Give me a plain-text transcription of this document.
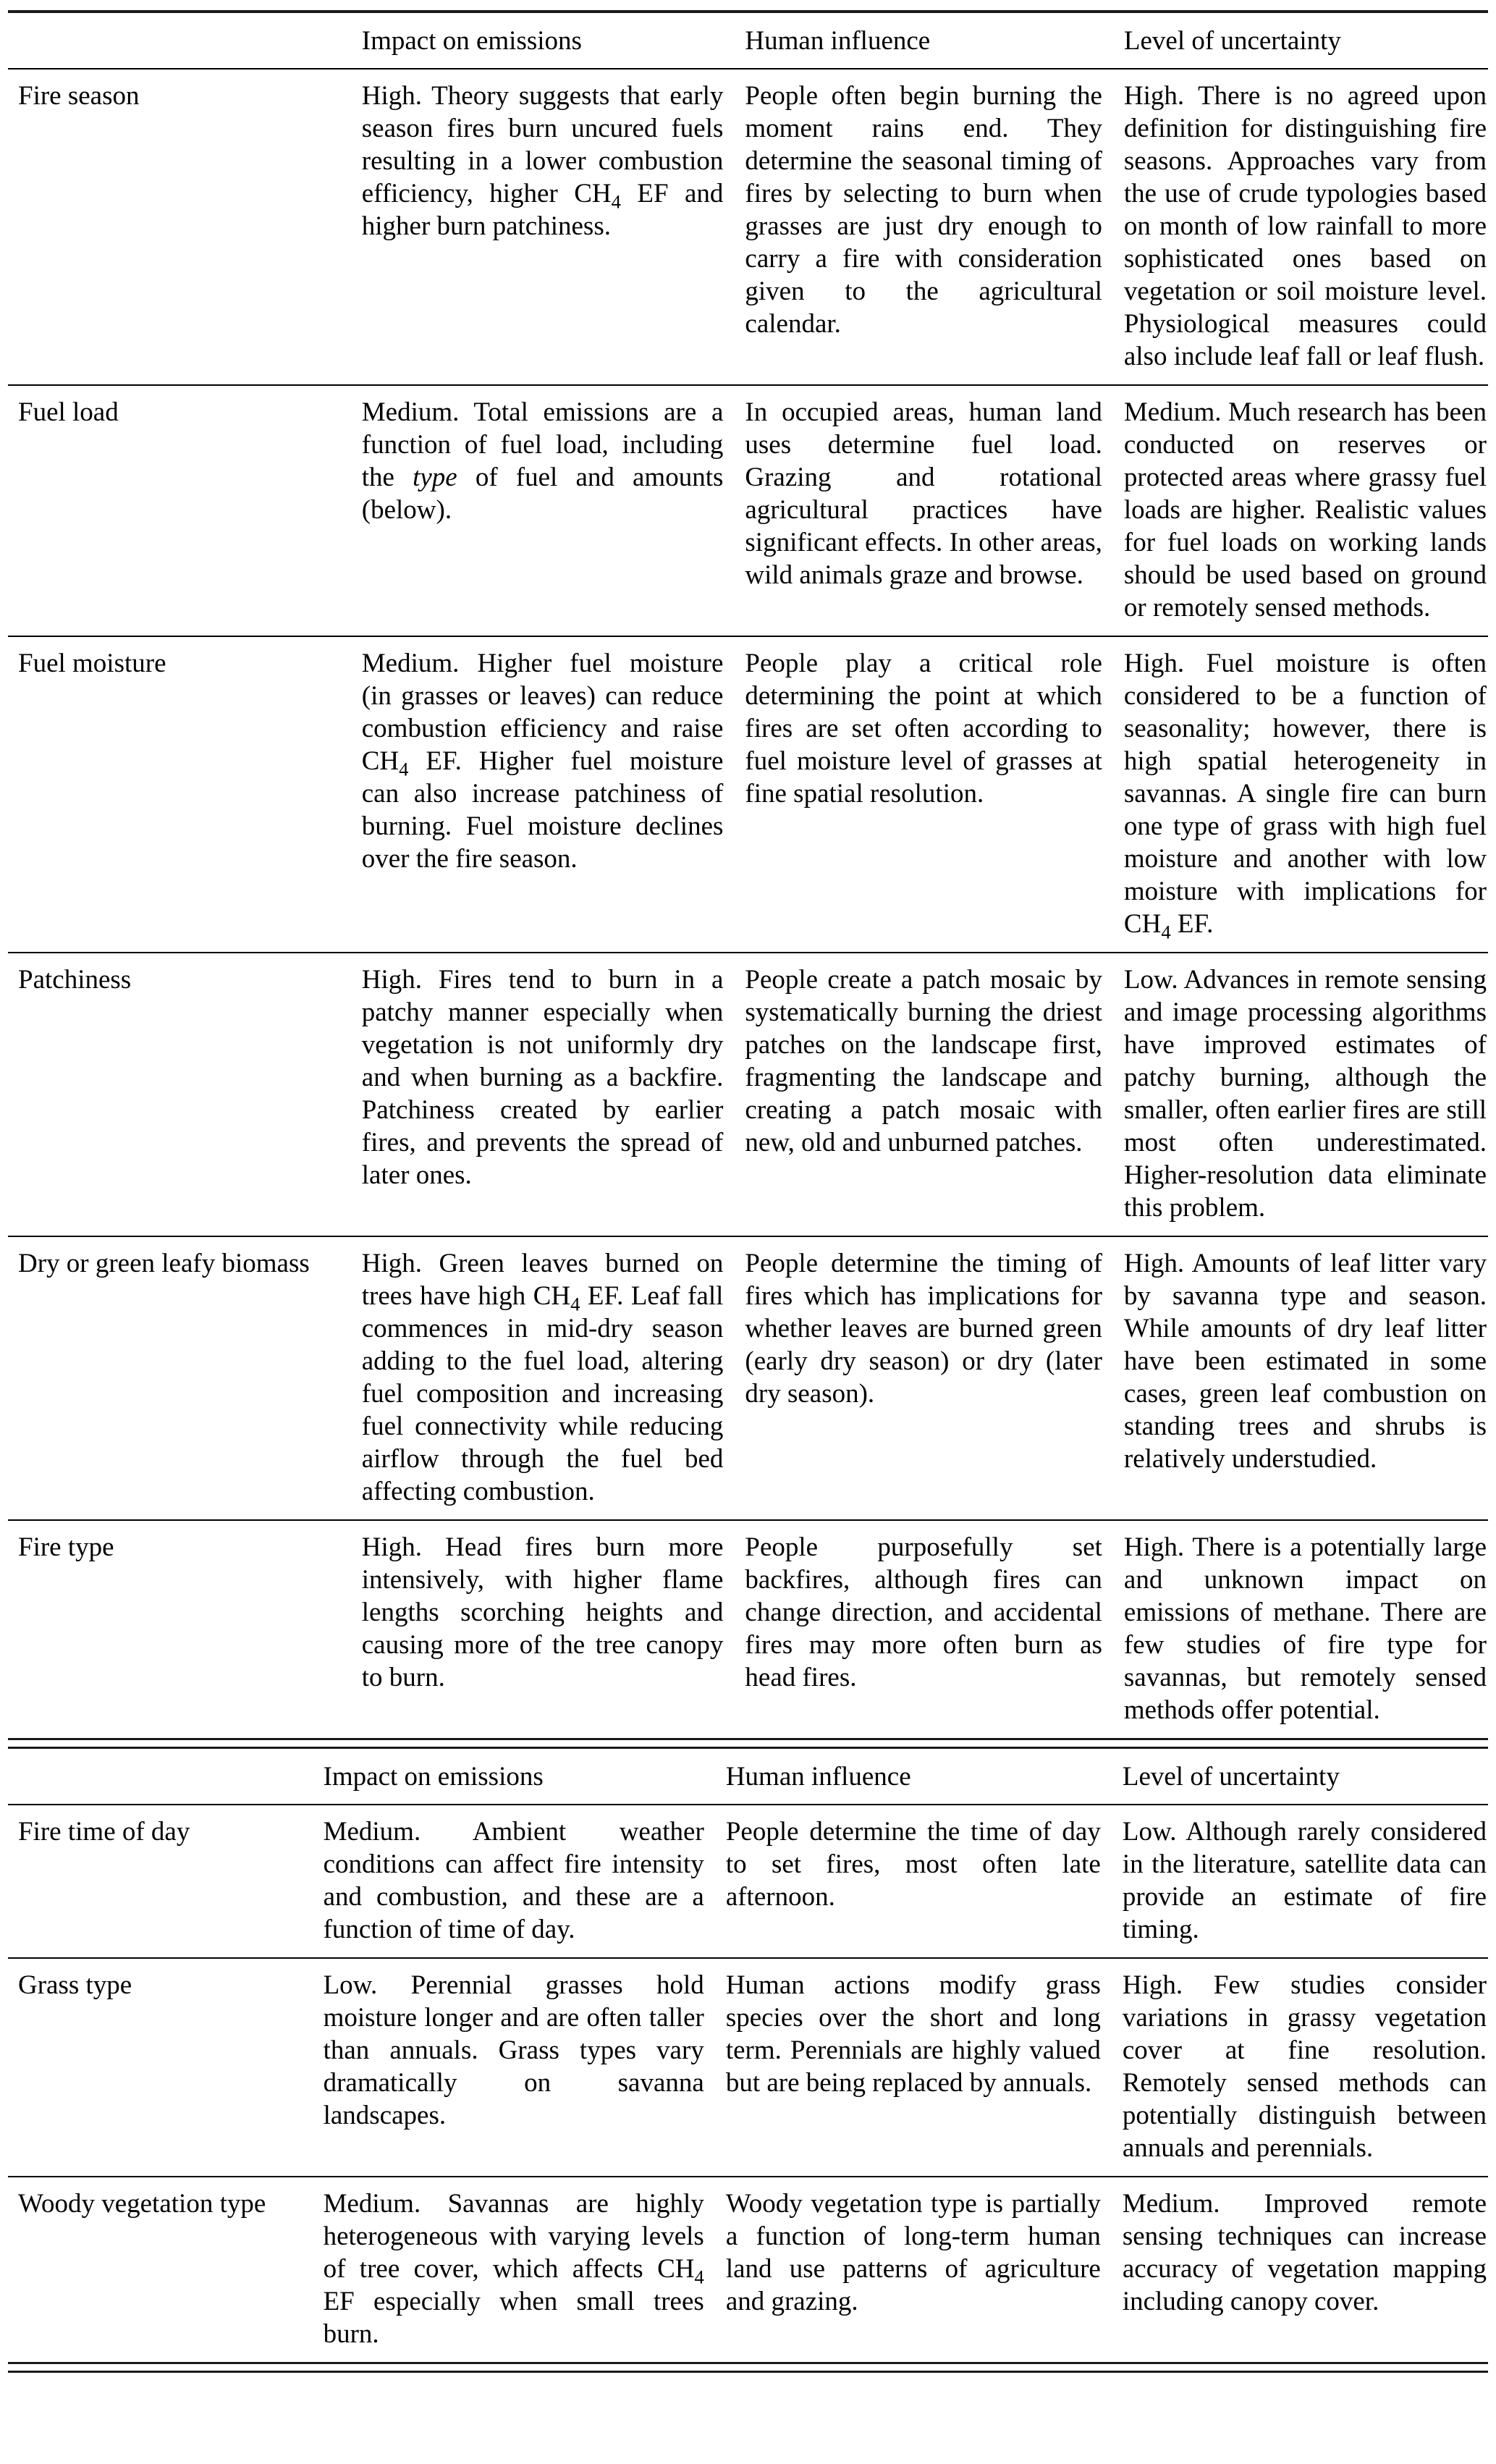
	Impact on emissions	Human influence	Level of uncertainty
Fire season	High. Theory suggests that early season fires burn uncured fuels resulting in a lower combustion efficiency, higher $CH_4$ EF and higher burn patchiness.	People often begin burning the moment rains end. They determine the seasonal timing of fires by selecting to burn when grasses are just dry enough to carry a fire with consideration given to the agricultural calendar.	High. There is no agreed upon definition for distinguishing fire seasons. Approaches vary from the use of crude typologies based on month of low rainfall to more sophisticated ones based on vegetation or soil moisture level. Physiological measures could also include leaf fall or leaf flush.
Fuel load	Medium. Total emissions are a function of fuel load, including the type of fuel and amounts (below).	In occupied areas, human land uses determine fuel load. Grazing and rotational agricultural practices have significant effects. In other areas, wild animals graze and browse.	Medium. Much research has been conducted on reserves or protected areas where grassy fuel loads are higher. Realistic values for fuel loads on working lands should be used based on ground or remotely sensed methods.
Fuel moisture	Medium. Higher fuel moisture (in grasses or leaves) can reduce combustion efficiency and raise $CH_4$ EF. Higher fuel moisture can also increase patchiness of burning. Fuel moisture declines over the fire season.	People play a critical role determining the point at which fires are set often according to fuel moisture level of grasses at fine spatial resolution.	High. Fuel moisture is often considered to be a function of seasonality; however, there is high spatial heterogeneity in savannas. A single fire can burn one type of grass with high fuel moisture and another with low moisture with implications for $CH_4$ EF.
Patchiness	High. Fires tend to burn in a patchy manner especially when vegetation is not uniformly dry and when burning as a backfire. Patchiness created by earlier fires, and prevents the spread of later ones.	People create a patch mosaic by systematically burning the driest patches on the landscape first, fragmenting the landscape and creating a patch mosaic with new, old and unburned patches.	Low. Advances in remote sensing and image processing algorithms have improved estimates of patchy burning, although the smaller, often earlier fires are still most often underestimated. Higher-resolution data eliminate this problem.
Dry or green leafy biomass	High. Green leaves burned on trees have high $CH_4$ EF. Leaf fall commences in mid-dry season adding to the fuel load, altering fuel composition and increasing fuel connectivity while reducing airflow through the fuel bed affecting combustion.	People determine the timing of fires which has implications for whether leaves are burned green (early dry season) or dry (later dry season).	High. Amounts of leaf litter vary by savanna type and season. While amounts of dry leaf litter have been estimated in some cases, green leaf combustion on standing trees and shrubs is relatively understudied.
Fire type	High. Head fires burn more intensively, with higher flame lengths scorching heights and causing more of the tree canopy to burn.	People purposefully set backfires, although fires can change direction, and accidental fires may more often burn as head fires.	High. There is a potentially large and unknown impact on emissions of methane. There are few studies of fire type for savannas, but remotely sensed methods offer potential.
	Impact on emissions	Human influence	Level of uncertainty
Fire time of day	Medium. Ambient weather conditions can affect fire intensity and combustion, and these are a function of time of day.	People determine the time of day to set fires, most often late afternoon.	Low. Although rarely considered in the literature, satellite data can provide an estimate of fire timing.
Grass type	Low. Perennial grasses hold moisture longer and are often taller than annuals. Grass types vary dramatically on savanna landscapes.	Human actions modify grass species over the short and long term. Perennials are highly valued but are being replaced by annuals.	High. Few studies consider variations in grassy vegetation cover at fine resolution. Remotely sensed methods can potentially distinguish between annuals and perennials.
Woody vegetation type	Medium. Savannas are highly heterogeneous with varying levels of tree cover, which affects $CH_4$ EF especially when small trees burn.	Woody vegetation type is partially a function of long-term human land use patterns of agriculture and grazing.	Medium. Improved remote sensing techniques can increase accuracy of vegetation mapping including canopy cover.
